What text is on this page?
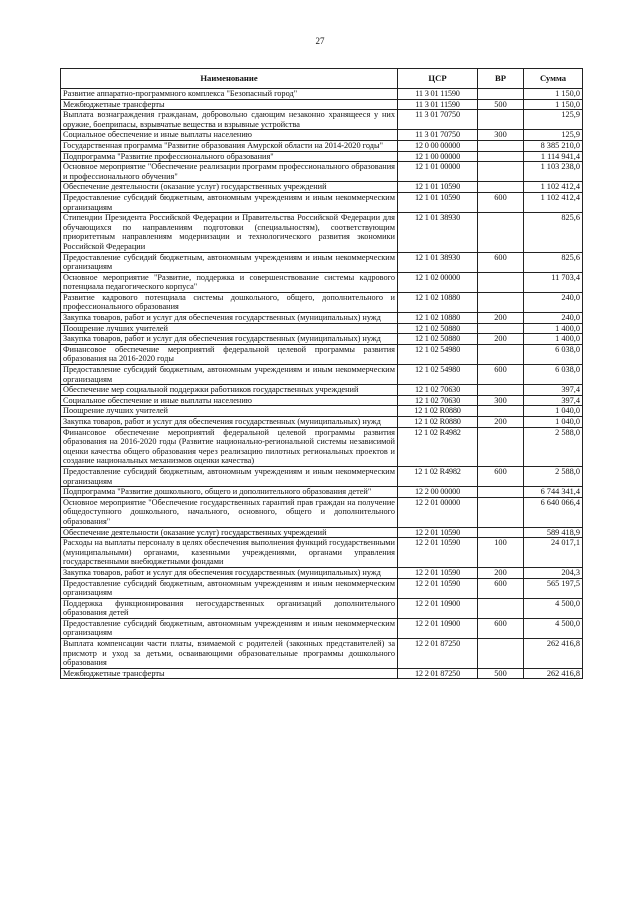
27
Наименование	ЦСР	ВР	Сумма
Развитие аппаратно-программного комплекса "Безопасный город"	11 3 01 11590		1 150,0
Межбюджетные трансферты	11 3 01 11590	500	1 150,0
Выплата вознаграждения гражданам, добровольно сдающим незаконно хранящееся у них оружие, боеприпасы, взрывчатые вещества и взрывные устройства	11 3 01 70750		125,9
Социальное обеспечение и иные выплаты населению	11 3 01 70750	300	125,9
Государственная программа "Развитие образования Амурской области на 2014-2020 годы"	12 0 00 00000		8 385 210,0
Подпрограмма "Развитие профессионального образования"	12 1 00 00000		1 114 941,4
Основное мероприятие "Обеспечение реализации программ профессионального образования и профессионального обучения"	12 1 01 00000		1 103 238,0
Обеспечение деятельности (оказание услуг) государственных учреждений	12 1 01 10590		1 102 412,4
Предоставление субсидий бюджетным, автономным учреждениям и иным некоммерческим организациям	12 1 01 10590	600	1 102 412,4
Стипендии Президента Российской Федерации и Правительства Российской Федерации для обучающихся по направлениям подготовки (специальностям), соответствующим приоритетным направлениям модернизации и технологического развития экономики Российской Федерации	12 1 01 38930		825,6
Предоставление субсидий бюджетным, автономным учреждениям и иным некоммерческим организациям	12 1 01 38930	600	825,6
Основное мероприятие "Развитие, поддержка и совершенствование системы кадрового потенциала педагогического корпуса"	12 1 02 00000		11 703,4
Развитие кадрового потенциала системы дошкольного, общего, дополнительного и профессионального образования	12 1 02 10880		240,0
Закупка товаров, работ и услуг для обеспечения государственных (муниципальных) нужд	12 1 02 10880	200	240,0
Поощрение лучших учителей	12 1 02 50880		1 400,0
Закупка товаров, работ и услуг для обеспечения государственных (муниципальных) нужд	12 1 02 50880	200	1 400,0
Финансовое обеспечение мероприятий федеральной целевой программы развития образования на 2016-2020 годы	12 1 02 54980		6 038,0
Предоставление субсидий бюджетным, автономным учреждениям и иным некоммерческим организациям	12 1 02 54980	600	6 038,0
Обеспечение мер социальной поддержки работников государственных учреждений	12 1 02 70630		397,4
Социальное обеспечение и иные выплаты населению	12 1 02 70630	300	397,4
Поощрение лучших учителей	12 1 02 R0880		1 040,0
Закупка товаров, работ и услуг для обеспечения государственных (муниципальных) нужд	12 1 02 R0880	200	1 040,0
Финансовое обеспечение мероприятий федеральной целевой программы развития образования на 2016-2020 годы (Развитие национально-региональной системы независимой оценки качества общего образования через реализацию пилотных региональных проектов и создание национальных механизмов оценки качества)	12 1 02 R4982		2 588,0
Предоставление субсидий бюджетным, автономным учреждениям и иным некоммерческим организациям	12 1 02 R4982	600	2 588,0
Подпрограмма "Развитие дошкольного, общего и дополнительного образования детей"	12 2 00 00000		6 744 341,4
Основное мероприятие "Обеспечение государственных гарантий прав граждан на получение общедоступного дошкольного, начального, основного, общего и дополнительного образования"	12 2 01 00000		6 640 066,4
Обеспечение деятельности (оказание услуг) государственных учреждений	12 2 01 10590		589 418,9
Расходы на выплаты персоналу в целях обеспечения выполнения функций государственными (муниципальными) органами, казенными учреждениями, органами управления государственными внебюджетными фондами	12 2 01 10590	100	24 017,1
Закупка товаров, работ и услуг для обеспечения государственных (муниципальных) нужд	12 2 01 10590	200	204,3
Предоставление субсидий бюджетным, автономным учреждениям и иным некоммерческим организациям	12 2 01 10590	600	565 197,5
Поддержка функционирования негосударственных организаций дополнительного образования детей	12 2 01 10900		4 500,0
Предоставление субсидий бюджетным, автономным учреждениям и иным некоммерческим организациям	12 2 01 10900	600	4 500,0
Выплата компенсации части платы, взимаемой с родителей (законных представителей) за присмотр и уход за детьми, осваивающими образовательные программы дошкольного образования	12 2 01 87250		262 416,8
Межбюджетные трансферты	12 2 01 87250	500	262 416,8
